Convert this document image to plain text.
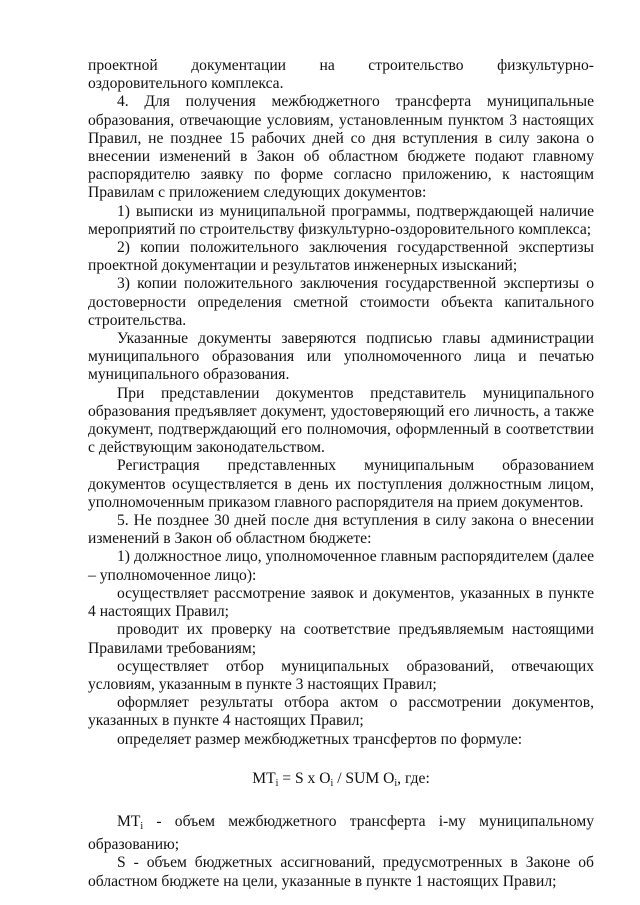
проектной документации на строительство физкультурно-оздоровительного комплекса.

4. Для получения межбюджетного трансферта муниципальные образования, отвечающие условиям, установленным пунктом 3 настоящих Правил, не позднее 15 рабочих дней со дня вступления в силу закона о внесении изменений в Закон об областном бюджете подают главному распорядителю заявку по форме согласно приложению, к настоящим Правилам с приложением следующих документов:

1) выписки из муниципальной программы, подтверждающей наличие мероприятий по строительству физкультурно-оздоровительного комплекса;

2) копии положительного заключения государственной экспертизы проектной документации и результатов инженерных изысканий;

3) копии положительного заключения государственной экспертизы о достоверности определения сметной стоимости объекта капитального строительства.

Указанные документы заверяются подписью главы администрации муниципального образования или уполномоченного лица и печатью муниципального образования.

При представлении документов представитель муниципального образования предъявляет документ, удостоверяющий его личность, а также документ, подтверждающий его полномочия, оформленный в соответствии с действующим законодательством.

Регистрация представленных муниципальным образованием документов осуществляется в день их поступления должностным лицом, уполномоченным приказом главного распорядителя на прием документов.

5. Не позднее 30 дней после дня вступления в силу закона о внесении изменений в Закон об областном бюджете:

1) должностное лицо, уполномоченное главным распорядителем (далее – уполномоченное лицо):

осуществляет рассмотрение заявок и документов, указанных в пункте 4 настоящих Правил;

проводит их проверку на соответствие предъявляемым настоящими Правилами требованиям;

осуществляет отбор муниципальных образований, отвечающих условиям, указанным в пункте 3 настоящих Правил;

оформляет результаты отбора актом о рассмотрении документов, указанных в пункте 4 настоящих Правил;

определяет размер межбюджетных трансфертов по формуле:

$МТ_i = S$ x $O_i$ / SUM $O_i$, где:

$МТ_i$ - объем межбюджетного трансферта i-му муниципальному образованию;

S - объем бюджетных ассигнований, предусмотренных в Законе об областном бюджете на цели, указанные в пункте 1 настоящих Правил;
